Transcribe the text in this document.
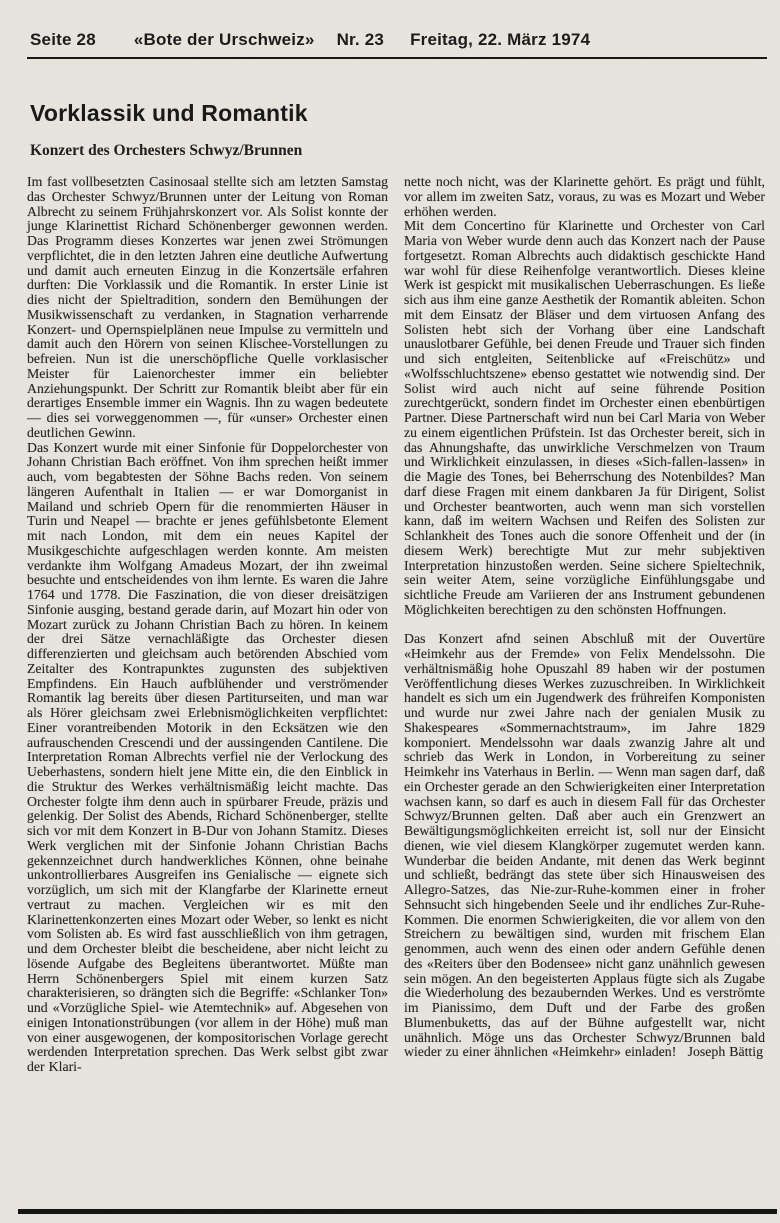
Seite 28 «Bote der Urschweiz» Nr. 23 Freitag, 22. März 1974
Vorklassik und Romantik
Konzert des Orchesters Schwyz/Brunnen

Im fast vollbesetzten Casinosaal stellte sich am letzten Samstag das Orchester Schwyz/Brunnen unter der Leitung von Roman Albrecht zu seinem Frühjahrskonzert vor. Als Solist konnte der junge Klarinettist Richard Schönenberger gewonnen werden. Das Programm dieses Konzertes war jenen zwei Strömungen verpflichtet, die in den letzten Jahren eine deutliche Aufwertung und damit auch erneuten Einzug in die Konzertsäle erfahren durften: Die Vorklassik und die Romantik. In erster Linie ist dies nicht der Spieltradition, sondern den Bemühungen der Musikwissenschaft zu verdanken, in Stagnation verharrende Konzert- und Opernspielplänen neue Impulse zu vermitteln und damit auch den Hörern von seinen Klischee-Vorstellungen zu befreien. Nun ist die unerschöpfliche Quelle vorklasischer Meister für Laienorchester immer ein beliebter Anziehungspunkt. Der Schritt zur Romantik bleibt aber für ein derartiges Ensemble immer ein Wagnis. Ihn zu wagen bedeutete — dies sei vorweggenommen —, für «unser» Orchester einen deutlichen Gewinn.

Das Konzert wurde mit einer Sinfonie für Doppelorchester von Johann Christian Bach eröffnet. Von ihm sprechen heißt immer auch, vom begabtesten der Söhne Bachs reden. Von seinem längeren Aufenthalt in Italien — er war Domorganist in Mailand und schrieb Opern für die renommierten Häuser in Turin und Neapel — brachte er jenes gefühlsbetonte Element mit nach London, mit dem ein neues Kapitel der Musikgeschichte aufgeschlagen werden konnte. Am meisten verdankte ihm Wolfgang Amadeus Mozart, der ihn zweimal besuchte und entscheidendes von ihm lernte. Es waren die Jahre 1764 und 1778. Die Faszination, die von dieser dreisätzigen Sinfonie ausging, bestand gerade darin, auf Mozart hin oder von Mozart zurück zu Johann Christian Bach zu hören. In keinem der drei Sätze vernachläßigte das Orchester diesen differenzierten und gleichsam auch betörenden Abschied vom Zeitalter des Kontrapunktes zugunsten des subjektiven Empfindens. Ein Hauch aufblühender und verströmender Romantik lag bereits über diesen Partiturseiten, und man war als Hörer gleichsam zwei Erlebnismöglichkeiten verpflichtet: Einer vorantreibenden Motorik in den Ecksätzen wie den aufrauschenden Crescendi und der aussingenden Cantilene. Die Interpretation Roman Albrechts verfiel nie der Verlockung des Ueberhastens, sondern hielt jene Mitte ein, die den Einblick in die Struktur des Werkes verhältnismäßig leicht machte. Das Orchester folgte ihm denn auch in spürbarer Freude, präzis und gelenkig. Der Solist des Abends, Richard Schönenberger, stellte sich vor mit dem Konzert in B-Dur von Johann Stamitz. Dieses Werk verglichen mit der Sinfonie Johann Christian Bachs gekennzeichnet durch handwerkliches Können, ohne beinahe unkontrollierbares Ausgreifen ins Genialische — eignete sich vorzüglich, um sich mit der Klangfarbe der Klarinette erneut vertraut zu machen. Vergleichen wir es mit den Klarinettenkonzerten eines Mozart oder Weber, so lenkt es nicht vom Solisten ab. Es wird fast ausschließlich von ihm getragen, und dem Orchester bleibt die bescheidene, aber nicht leicht zu lösende Aufgabe des Begleitens überantwortet. Müßte man Herrn Schönenbergers Spiel mit einem kurzen Satz charakterisieren, so drängten sich die Begriffe: «Schlanker Ton» und «Vorzügliche Spiel- wie Atemtechnik» auf. Abgesehen von einigen Intonationstrübungen (vor allem in der Höhe) muß man von einer ausgewogenen, der kompositorischen Vorlage gerecht werdenden Interpretation sprechen. Das Werk selbst gibt zwar der Klari-

nette noch nicht, was der Klarinette gehört. Es prägt und fühlt, vor allem im zweiten Satz, voraus, zu was es Mozart und Weber erhöhen werden.

Mit dem Concertino für Klarinette und Orchester von Carl Maria von Weber wurde denn auch das Konzert nach der Pause fortgesetzt. Roman Albrechts auch didaktisch geschickte Hand war wohl für diese Reihenfolge verantwortlich. Dieses kleine Werk ist gespickt mit musikalischen Ueberraschungen. Es ließe sich aus ihm eine ganze Aesthetik der Romantik ableiten. Schon mit dem Einsatz der Bläser und dem virtuosen Anfang des Solisten hebt sich der Vorhang über eine Landschaft unauslotbarer Gefühle, bei denen Freude und Trauer sich finden und sich entgleiten, Seitenblicke auf «Freischütz» und «Wolfsschluchtszene» ebenso gestattet wie notwendig sind. Der Solist wird auch nicht auf seine führende Position zurechtgerückt, sondern findet im Orchester einen ebenbürtigen Partner. Diese Partnerschaft wird nun bei Carl Maria von Weber zu einem eigentlichen Prüfstein. Ist das Orchester bereit, sich in das Ahnungshafte, das unwirkliche Verschmelzen von Traum und Wirklichkeit einzulassen, in dieses «Sich-fallen-lassen» in die Magie des Tones, bei Beherrschung des Notenbildes? Man darf diese Fragen mit einem dankbaren Ja für Dirigent, Solist und Orchester beantworten, auch wenn man sich vorstellen kann, daß im weitern Wachsen und Reifen des Solisten zur Schlankheit des Tones auch die sonore Offenheit und der (in diesem Werk) berechtigte Mut zur mehr subjektiven Interpretation hinzustoßen werden. Seine sichere Spieltechnik, sein weiter Atem, seine vorzügliche Einfühlungsgabe und sichtliche Freude am Variieren der ans Instrument gebundenen Möglichkeiten berechtigen zu den schönsten Hoffnungen.

Das Konzert afnd seinen Abschluß mit der Ouvertüre «Heimkehr aus der Fremde» von Felix Mendelssohn. Die verhältnismäßig hohe Opuszahl 89 haben wir der postumen Veröffentlichung dieses Werkes zuzuschreiben. In Wirklichkeit handelt es sich um ein Jugendwerk des frühreifen Komponisten und wurde nur zwei Jahre nach der genialen Musik zu Shakespeares «Sommernachtstraum», im Jahre 1829 komponiert. Mendelssohn war daals zwanzig Jahre alt und schrieb das Werk in London, in Vorbereitung zu seiner Heimkehr ins Vaterhaus in Berlin. — Wenn man sagen darf, daß ein Orchester gerade an den Schwierigkeiten einer Interpretation wachsen kann, so darf es auch in diesem Fall für das Orchester Schwyz/Brunnen gelten. Daß aber auch ein Grenzwert an Bewältigungsmöglichkeiten erreicht ist, soll nur der Einsicht dienen, wie viel diesem Klangkörper zugemutet werden kann. Wunderbar die beiden Andante, mit denen das Werk beginnt und schließt, bedrängt das stete über sich Hinausweisen des Allegro-Satzes, das Nie-zur-Ruhe-kommen einer in froher Sehnsucht sich hingebenden Seele und ihr endliches Zur-Ruhe-Kommen. Die enormen Schwierigkeiten, die vor allem von den Streichern zu bewältigen sind, wurden mit frischem Elan genommen, auch wenn des einen oder andern Gefühle denen des «Reiters über den Bodensee» nicht ganz unähnlich gewesen sein mögen. An den begeisterten Applaus fügte sich als Zugabe die Wiederholung des bezaubernden Werkes. Und es verströmte im Pianissimo, dem Duft und der Farbe des großen Blumenbuketts, das auf der Bühne aufgestellt war, nicht unähnlich. Möge uns das Orchester Schwyz/Brunnen bald wieder zu einer ähnlichen «Heimkehr» einladen! Joseph Bättig
